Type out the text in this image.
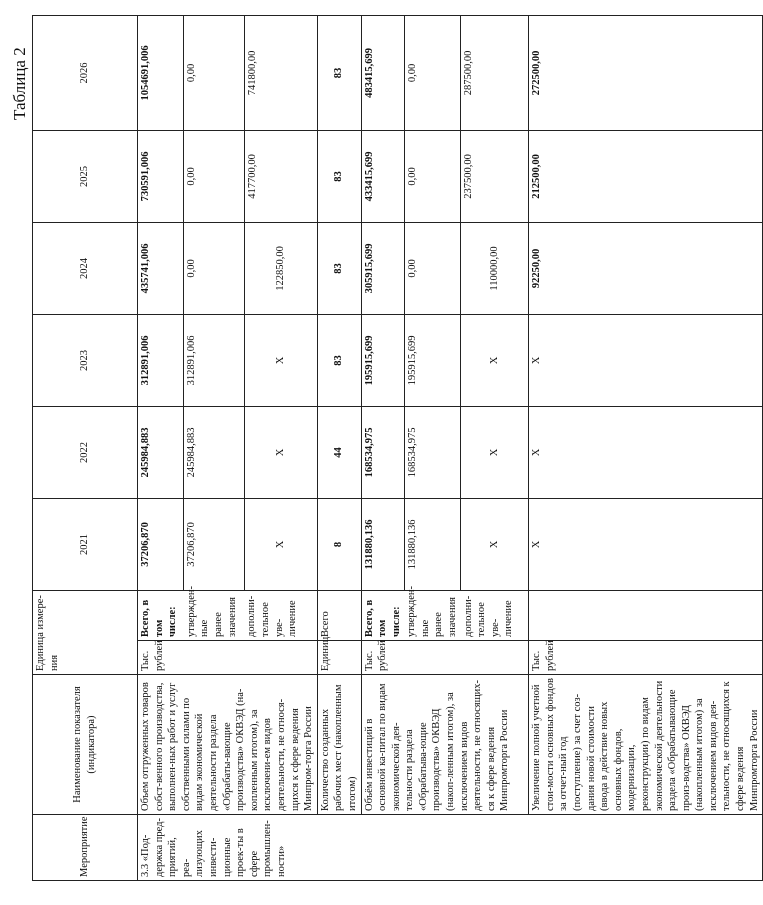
Таблица 2
Мероприятие	Наименование показателя (индикатора)	Единица измере-ния		2021	2022	2023	2024	2025	2026
3.3 «Под-держка пред-приятий, реа-лизующих инвести-ционные проек-ты в сфере промышлен-ности»	Объем отгруженных товаров собст-венного производства, выполнен-ных работ и услуг собственными силами по видам экономической деятельности раздела «Обрабаты-вающие производства» ОКВЭД (на-копленным итогом), за исключени-ем видов деятельности, не относя-щихся к сфере ведения Минпром-торга России	Тыс. рублей	Всего, в том числе:	37206,870	245984,883	312891,006	435741,006	730591,006	1054691,006
			утвержден-ные ранее значения	37206,870	245984,883	312891,006	0,00	0,00	0,00
			дополни-тельное уве-личение	X	X	X	122850,00	417700,00	741800,00
	Количество созданных рабочих мест (накопленным итогом)	Единиц	Всего	8	44	83	83	83	83
	Объём инвестиций в основной ка-питал по видам экономической дея-тельности раздела «Обрабатыва-ющие производства» ОКВЭД (накоп-ленным итогом), за исключением видов деятельности, не относящих-ся к сфере ведения Минпромторга России	Тыс. рублей	Всего, в том числе:	131880,136	168534,975	195915,699	305915,699	433415,699	483415,699
			утвержден-ные ранее значения	131880,136	168534,975	195915,699	0,00	0,00	0,00
			дополни-тельное уве-личение	X	X	X	110000,00	237500,00	287500,00
	Увеличение полной учетной стои-мости основных фондов за отчет-ный год (поступление) за счет соз-дания новой стоимости (ввода в действие новых основных фондов, модернизации, реконструкции) по видам экономической деятельности раздела «Обрабатывающие произ-водства» ОКВЭД (накопленным итогом) за исключением видов дея-тельности, не относящихся к сфере ведения Минпромторга России	Тыс. рублей		X	X	X	92250,00	212500,00	272500,00
